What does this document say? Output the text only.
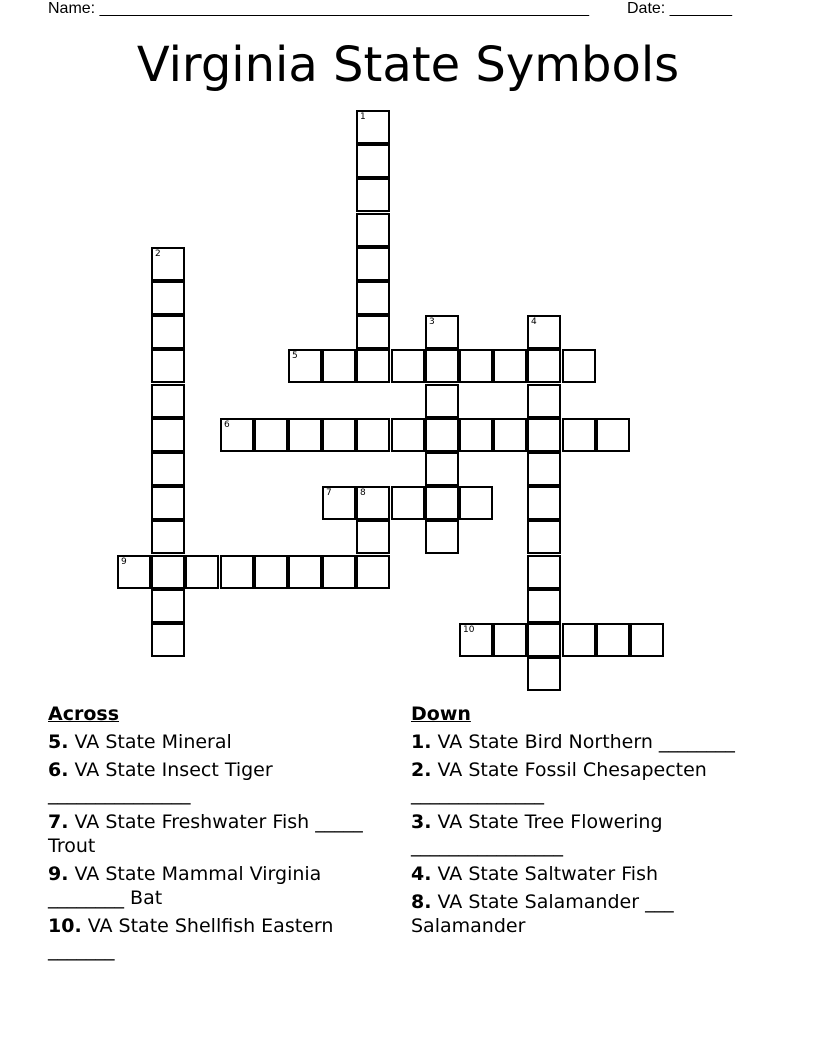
Name: _______________________________________________________ Date: _______
Virginia State Symbols
1
2
3	4
5
6
7	8
9
10
Across
5. VA State Mineral
6. VA State Insect Tiger _______________
7. VA State Freshwater Fish _____ Trout
9. VA State Mammal Virginia ________ Bat
10. VA State Shellfish Eastern _______
Down
1. VA State Bird Northern ________
2. VA State Fossil Chesapecten ______________
3. VA State Tree Flowering ________________
4. VA State Saltwater Fish
8. VA State Salamander ___ Salamander
